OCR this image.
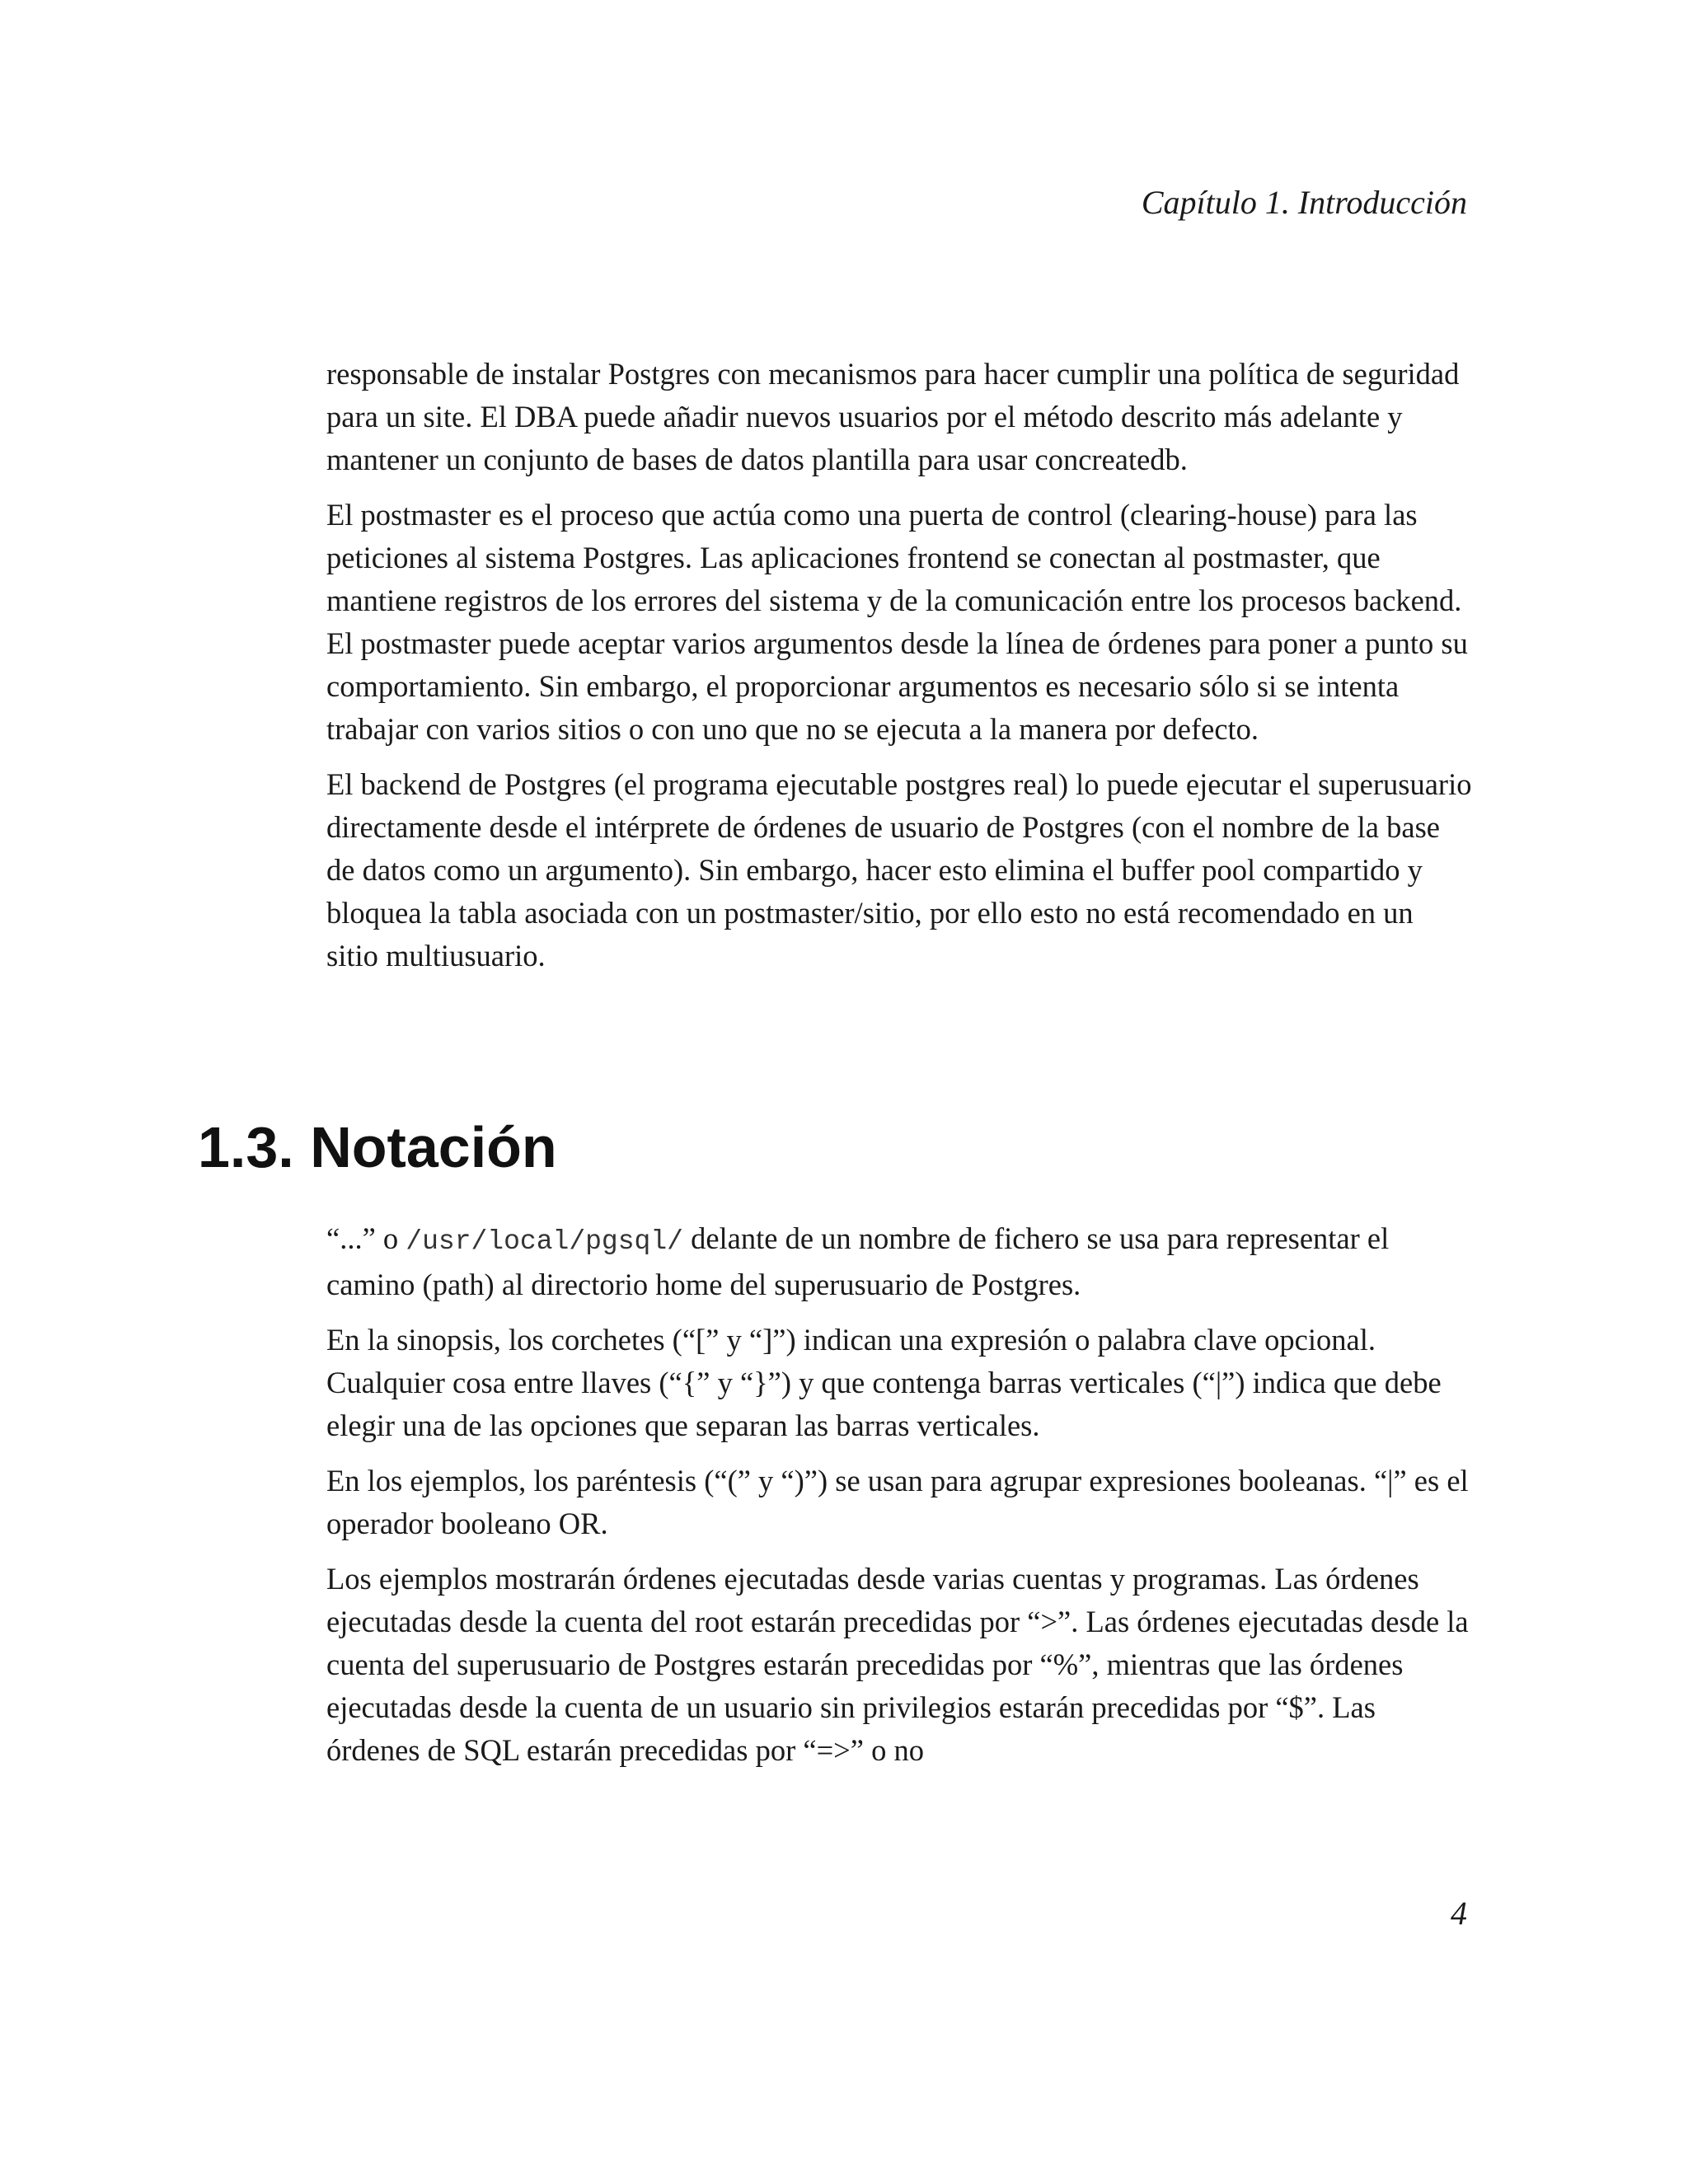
Capítulo 1. Introducción

responsable de instalar Postgres con mecanismos para hacer cumplir una política de seguridad para un site. El DBA puede añadir nuevos usuarios por el método descrito más adelante y mantener un conjunto de bases de datos plantilla para usar concreatedb.

El postmaster es el proceso que actúa como una puerta de control (clearing-house) para las peticiones al sistema Postgres. Las aplicaciones frontend se conectan al postmaster, que mantiene registros de los errores del sistema y de la comunicación entre los procesos backend. El postmaster puede aceptar varios argumentos desde la línea de órdenes para poner a punto su comportamiento. Sin embargo, el proporcionar argumentos es necesario sólo si se intenta trabajar con varios sitios o con uno que no se ejecuta a la manera por defecto.

El backend de Postgres (el programa ejecutable postgres real) lo puede ejecutar el superusuario directamente desde el intérprete de órdenes de usuario de Postgres (con el nombre de la base de datos como un argumento). Sin embargo, hacer esto elimina el buffer pool compartido y bloquea la tabla asociada con un postmaster/sitio, por ello esto no está recomendado en un sitio multiusuario.

1.3. Notación

“...” o /usr/local/pgsql/ delante de un nombre de fichero se usa para representar el camino (path) al directorio home del superusuario de Postgres.

En la sinopsis, los corchetes (“[” y “]”) indican una expresión o palabra clave opcional. Cualquier cosa entre llaves (“{” y “}”) y que contenga barras verticales (“|”) indica que debe elegir una de las opciones que separan las barras verticales.

En los ejemplos, los paréntesis (“(” y “)”) se usan para agrupar expresiones booleanas. “|” es el operador booleano OR.

Los ejemplos mostrarán órdenes ejecutadas desde varias cuentas y programas. Las órdenes ejecutadas desde la cuenta del root estarán precedidas por “>”. Las órdenes ejecutadas desde la cuenta del superusuario de Postgres estarán precedidas por “%”, mientras que las órdenes ejecutadas desde la cuenta de un usuario sin privilegios estarán precedidas por “$”. Las órdenes de SQL estarán precedidas por “=>” o no

4
